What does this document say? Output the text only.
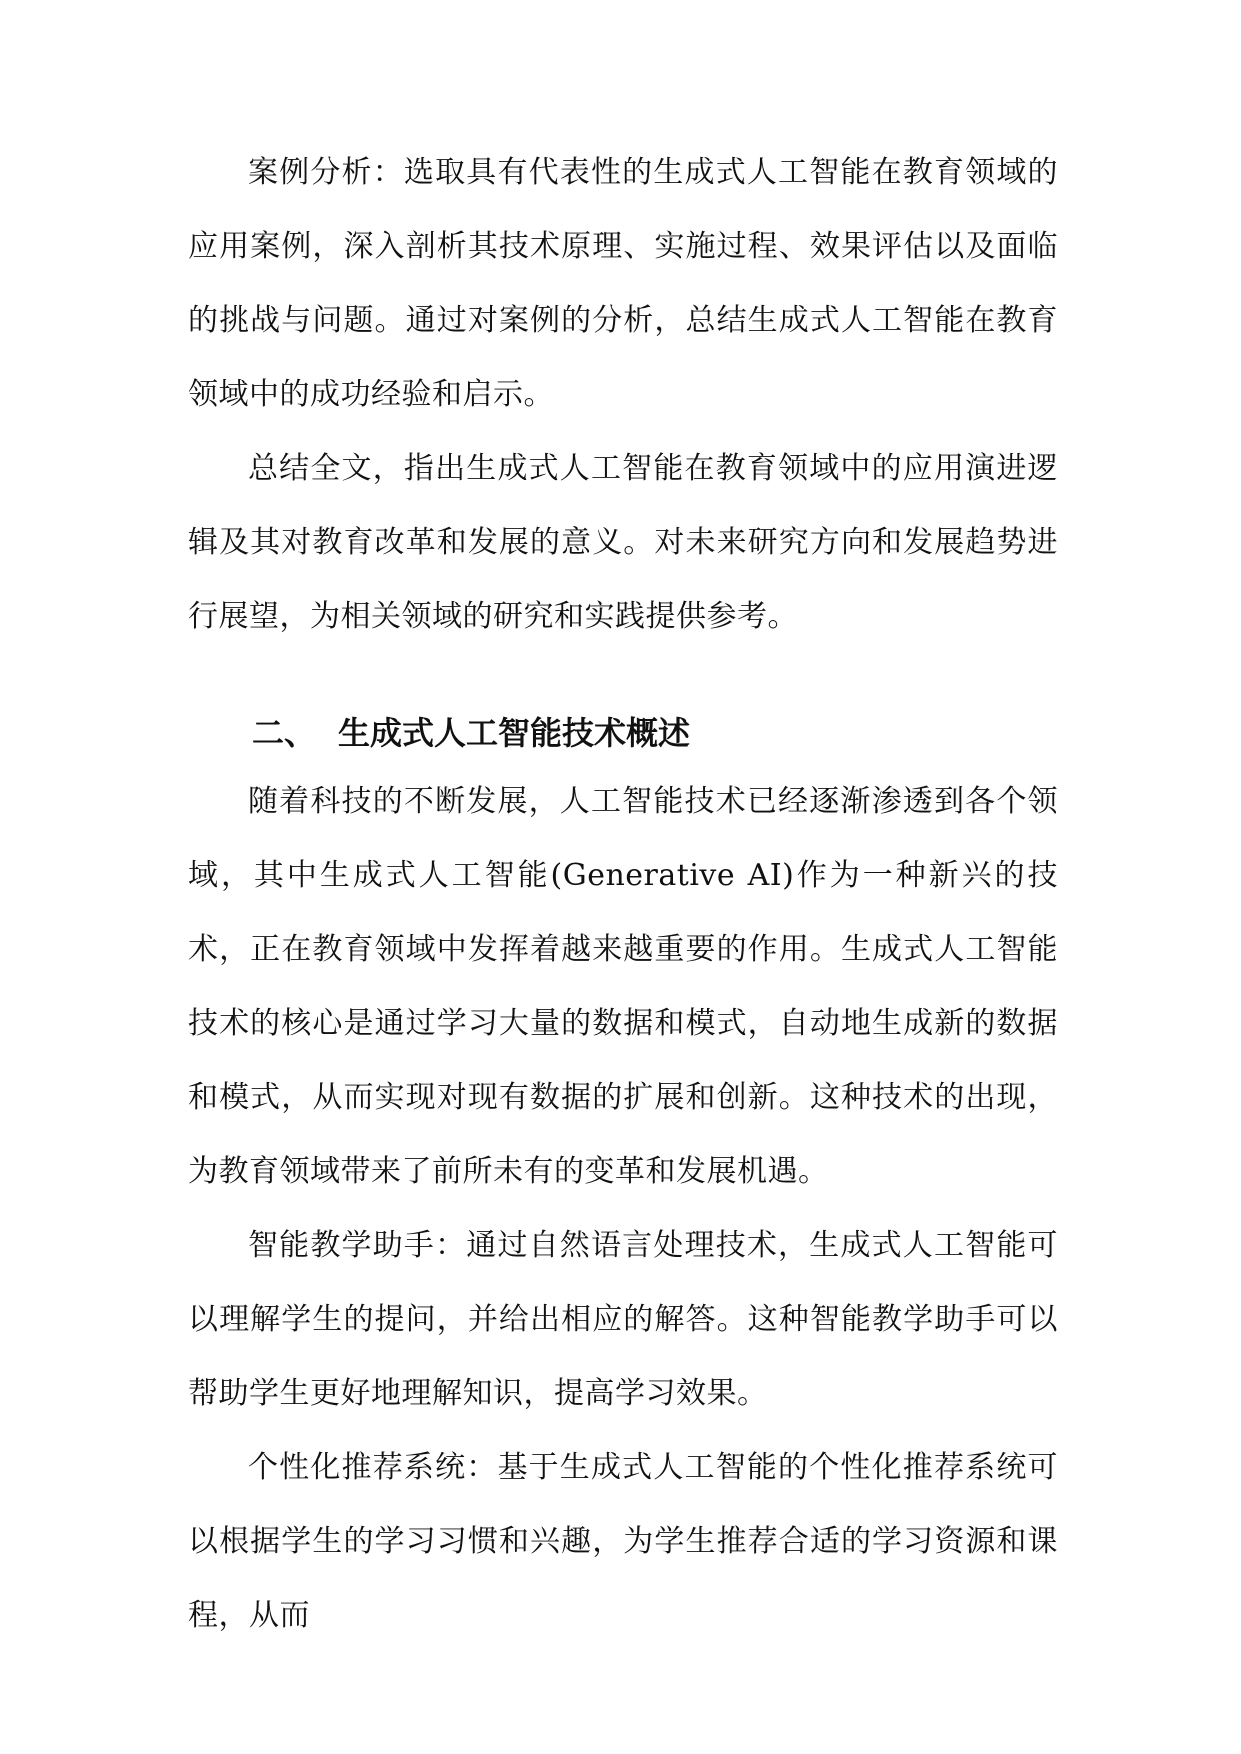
案例分析：选取具有代表性的生成式人工智能在教育领域的应用案例，深入剖析其技术原理、实施过程、效果评估以及面临的挑战与问题。通过对案例的分析，总结生成式人工智能在教育领域中的成功经验和启示。

总结全文，指出生成式人工智能在教育领域中的应用演进逻辑及其对教育改革和发展的意义。对未来研究方向和发展趋势进行展望，为相关领域的研究和实践提供参考。

二、 生成式人工智能技术概述

随着科技的不断发展，人工智能技术已经逐渐渗透到各个领域，其中生成式人工智能(Generative AI)作为一种新兴的技术，正在教育领域中发挥着越来越重要的作用。生成式人工智能技术的核心是通过学习大量的数据和模式，自动地生成新的数据和模式，从而实现对现有数据的扩展和创新。这种技术的出现，为教育领域带来了前所未有的变革和发展机遇。

智能教学助手：通过自然语言处理技术，生成式人工智能可以理解学生的提问，并给出相应的解答。这种智能教学助手可以帮助学生更好地理解知识，提高学习效果。

个性化推荐系统：基于生成式人工智能的个性化推荐系统可以根据学生的学习习惯和兴趣，为学生推荐合适的学习资源和课程，从而
